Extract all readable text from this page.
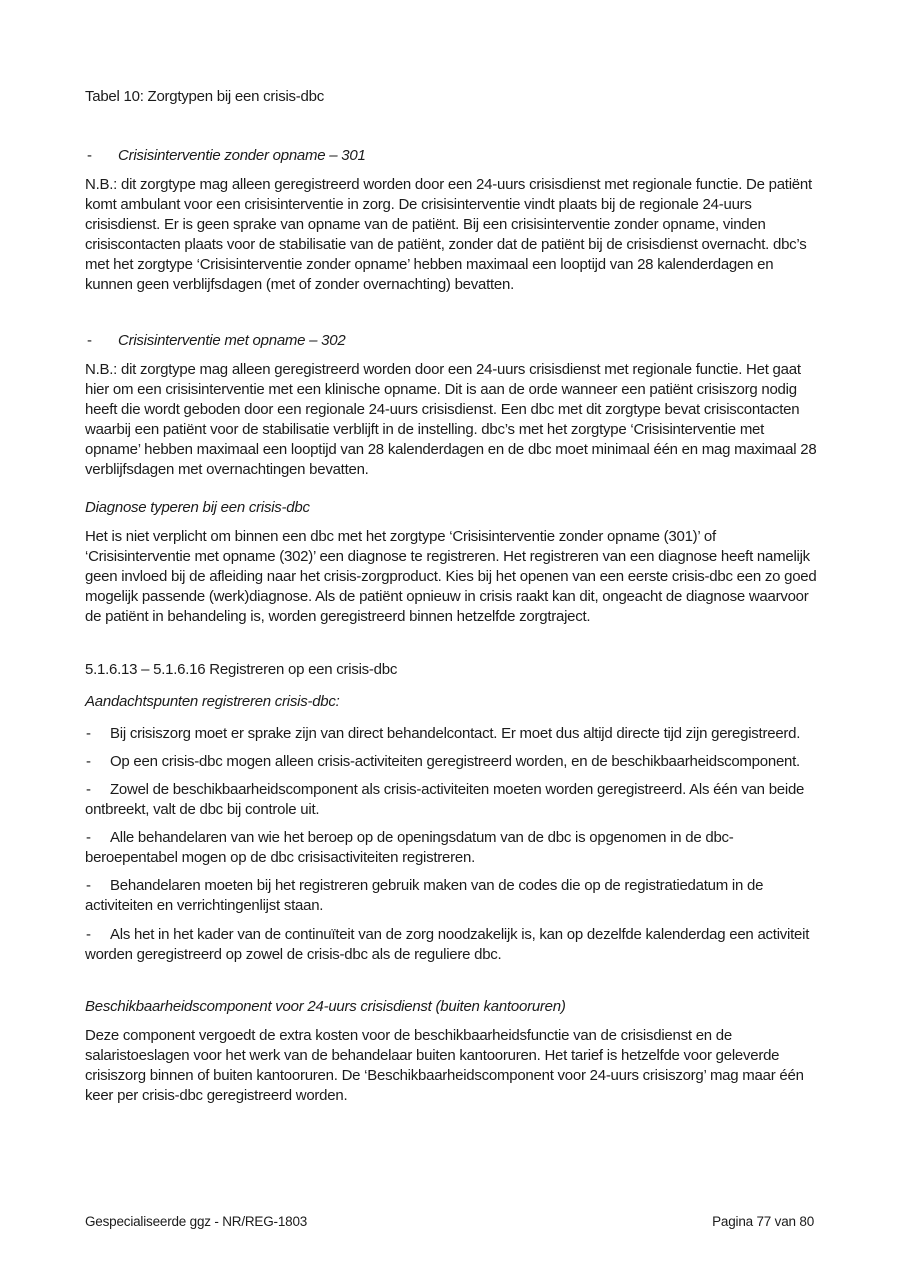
Tabel 10: Zorgtypen bij een crisis-dbc

- Crisisinterventie zonder opname – 301

N.B.: dit zorgtype mag alleen geregistreerd worden door een 24-uurs crisisdienst met regionale functie. De patiënt komt ambulant voor een crisisinterventie in zorg. De crisisinterventie vindt plaats bij de regionale 24-uurs crisisdienst. Er is geen sprake van opname van de patiënt. Bij een crisisinterventie zonder opname, vinden crisiscontacten plaats voor de stabilisatie van de patiënt, zonder dat de patiënt bij de crisisdienst overnacht. dbc’s met het zorgtype ‘Crisisinterventie zonder opname’ hebben maximaal een looptijd van 28 kalenderdagen en kunnen geen verblijfsdagen (met of zonder overnachting) bevatten.

- Crisisinterventie met opname – 302

N.B.: dit zorgtype mag alleen geregistreerd worden door een 24-uurs crisisdienst met regionale functie. Het gaat hier om een crisisinterventie met een klinische opname. Dit is aan de orde wanneer een patiënt crisiszorg nodig heeft die wordt geboden door een regionale 24-uurs crisisdienst. Een dbc met dit zorgtype bevat crisiscontacten waarbij een patiënt voor de stabilisatie verblijft in de instelling. dbc’s met het zorgtype ‘Crisisinterventie met opname’ hebben maximaal een looptijd van 28 kalenderdagen en de dbc moet minimaal één en mag maximaal 28 verblijfsdagen met overnachtingen bevatten.

Diagnose typeren bij een crisis-dbc

Het is niet verplicht om binnen een dbc met het zorgtype ‘Crisisinterventie zonder opname (301)’ of ‘Crisisinterventie met opname (302)’ een diagnose te registreren. Het registreren van een diagnose heeft namelijk geen invloed bij de afleiding naar het crisis-zorgproduct. Kies bij het openen van een eerste crisis-dbc een zo goed mogelijk passende (werk)diagnose. Als de patiënt opnieuw in crisis raakt kan dit, ongeacht de diagnose waarvoor de patiënt in behandeling is, worden geregistreerd binnen hetzelfde zorgtraject.

5.1.6.13 – 5.1.6.16 Registreren op een crisis-dbc

Aandachtspunten registreren crisis-dbc:

- Bij crisiszorg moet er sprake zijn van direct behandelcontact. Er moet dus altijd directe tijd zijn geregistreerd.

- Op een crisis-dbc mogen alleen crisis-activiteiten geregistreerd worden, en de beschikbaarheidscomponent.

- Zowel de beschikbaarheidscomponent als crisis-activiteiten moeten worden geregistreerd. Als één van beide ontbreekt, valt de dbc bij controle uit.

- Alle behandelaren van wie het beroep op de openingsdatum van de dbc is opgenomen in de dbc-beroepentabel mogen op de dbc crisisactiviteiten registreren.

- Behandelaren moeten bij het registreren gebruik maken van de codes die op de registratiedatum in de activiteiten en verrichtingenlijst staan.

- Als het in het kader van de continuïteit van de zorg noodzakelijk is, kan op dezelfde kalenderdag een activiteit worden geregistreerd op zowel de crisis-dbc als de reguliere dbc.

Beschikbaarheidscomponent voor 24-uurs crisisdienst (buiten kantooruren)

Deze component vergoedt de extra kosten voor de beschikbaarheidsfunctie van de crisisdienst en de salaristoeslagen voor het werk van de behandelaar buiten kantooruren. Het tarief is hetzelfde voor geleverde crisiszorg binnen of buiten kantooruren. De ‘Beschikbaarheidscomponent voor 24-uurs crisiszorg’ mag maar één keer per crisis-dbc geregistreerd worden.

Gespecialiseerde ggz - NR/REG-1803	Pagina 77 van 80
